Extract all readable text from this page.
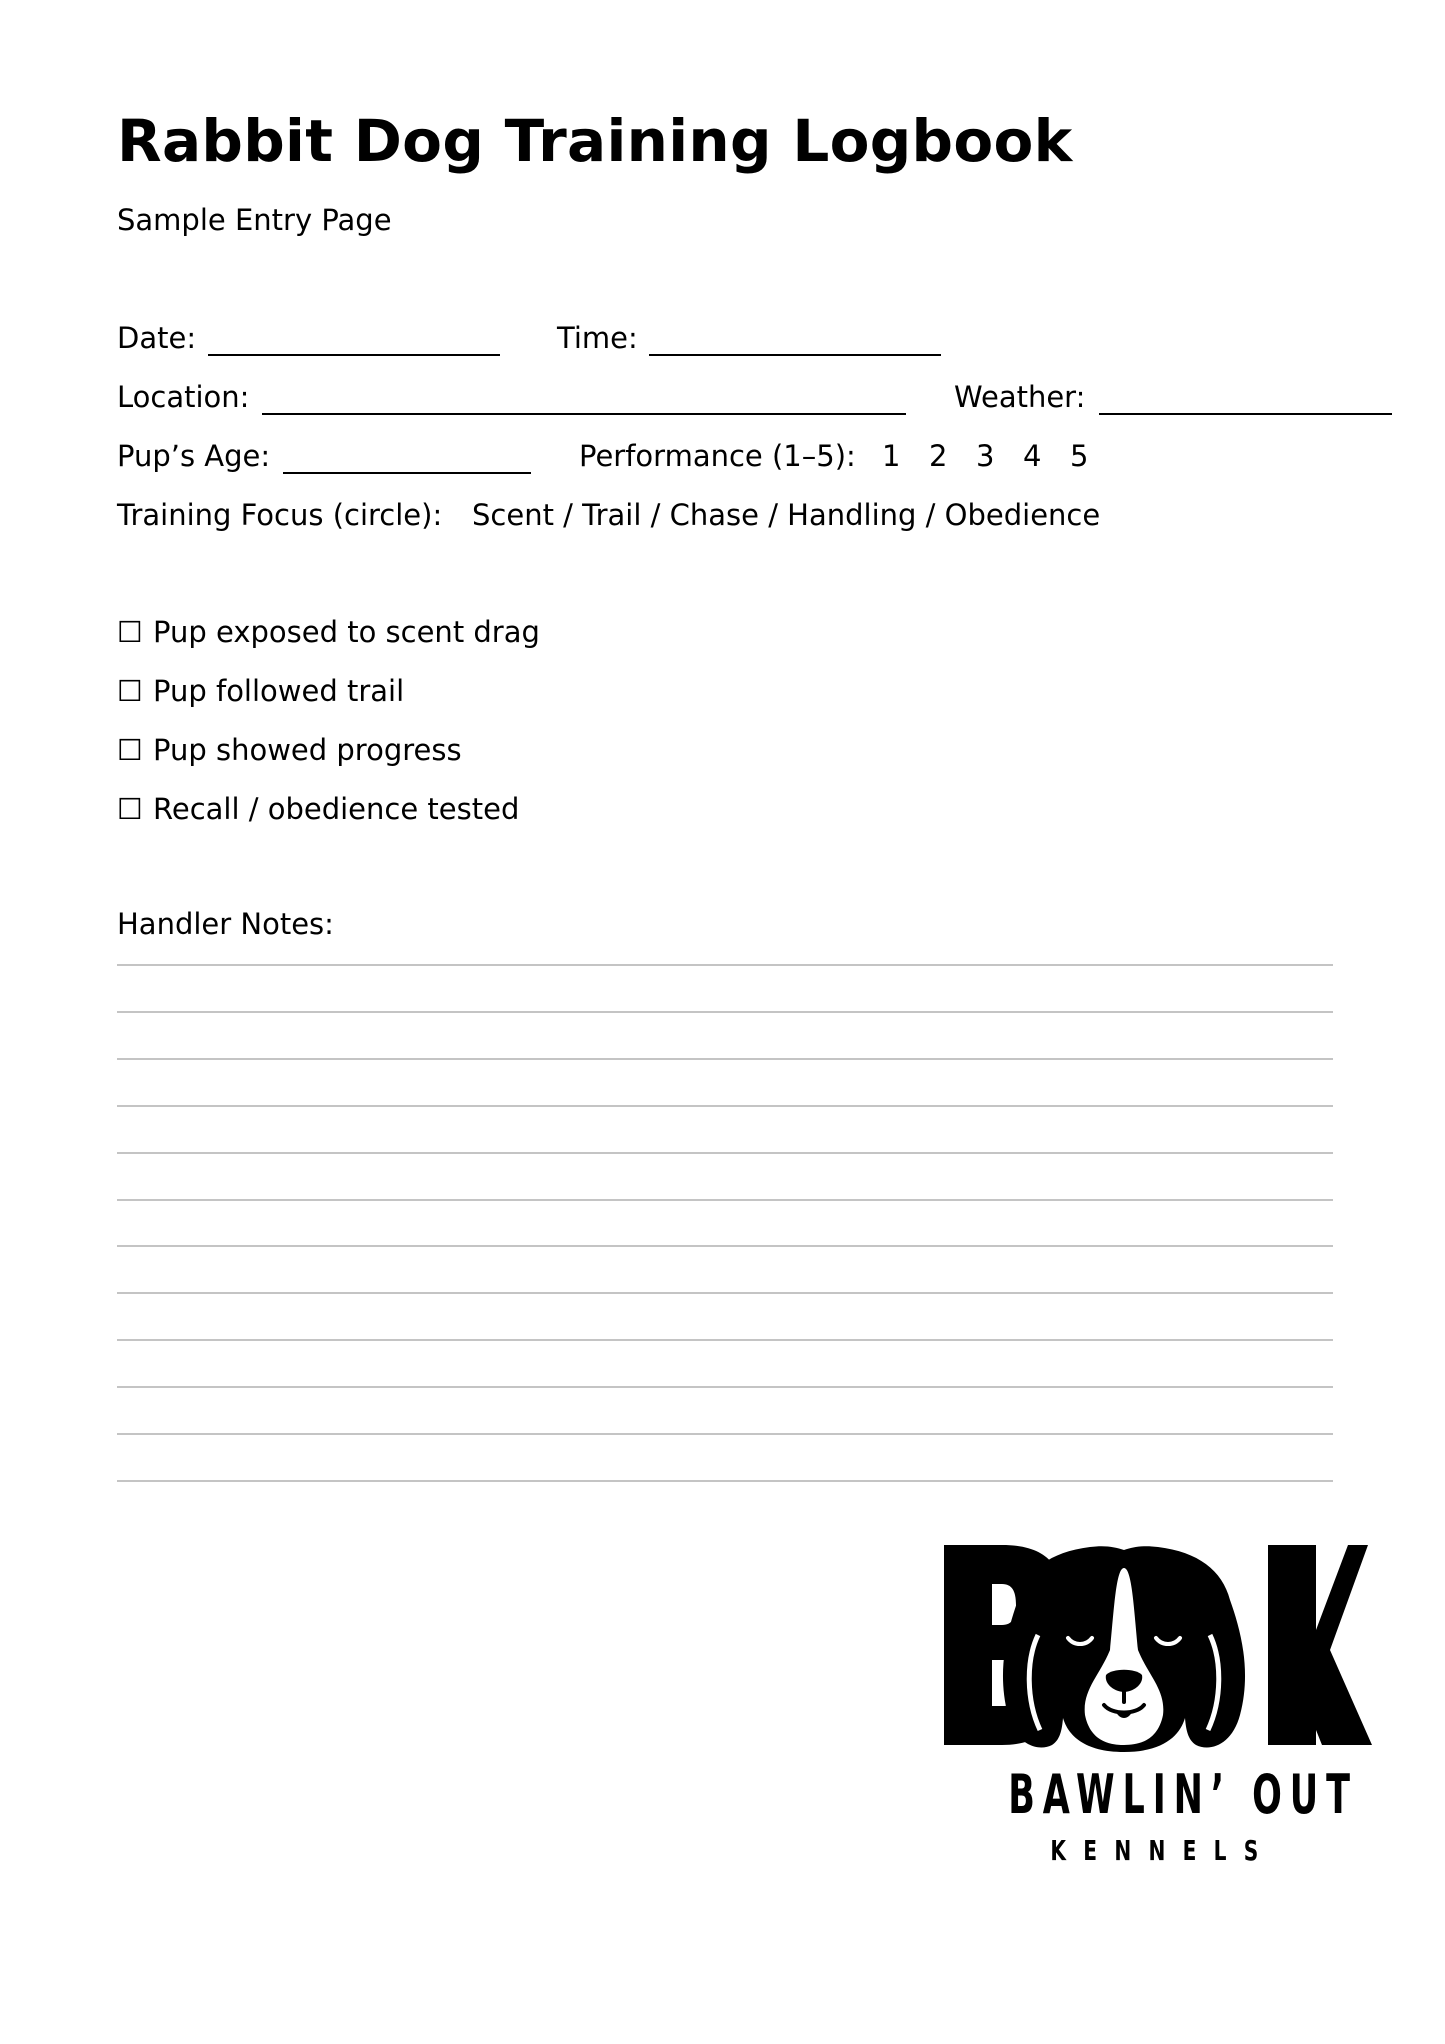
Rabbit Dog Training Logbook
Sample Entry Page
Date:	Time:
Location:	Weather:
Pup’s Age:	Performance (1–5): 1 2 3 4 5
Training Focus (circle): Scent / Trail / Chase / Handling / Obedience
☐ Pup exposed to scent drag
☐ Pup followed trail
☐ Pup showed progress
☐ Recall / obedience tested
Handler Notes:
BAWLIN’ OUT
KENNELS
